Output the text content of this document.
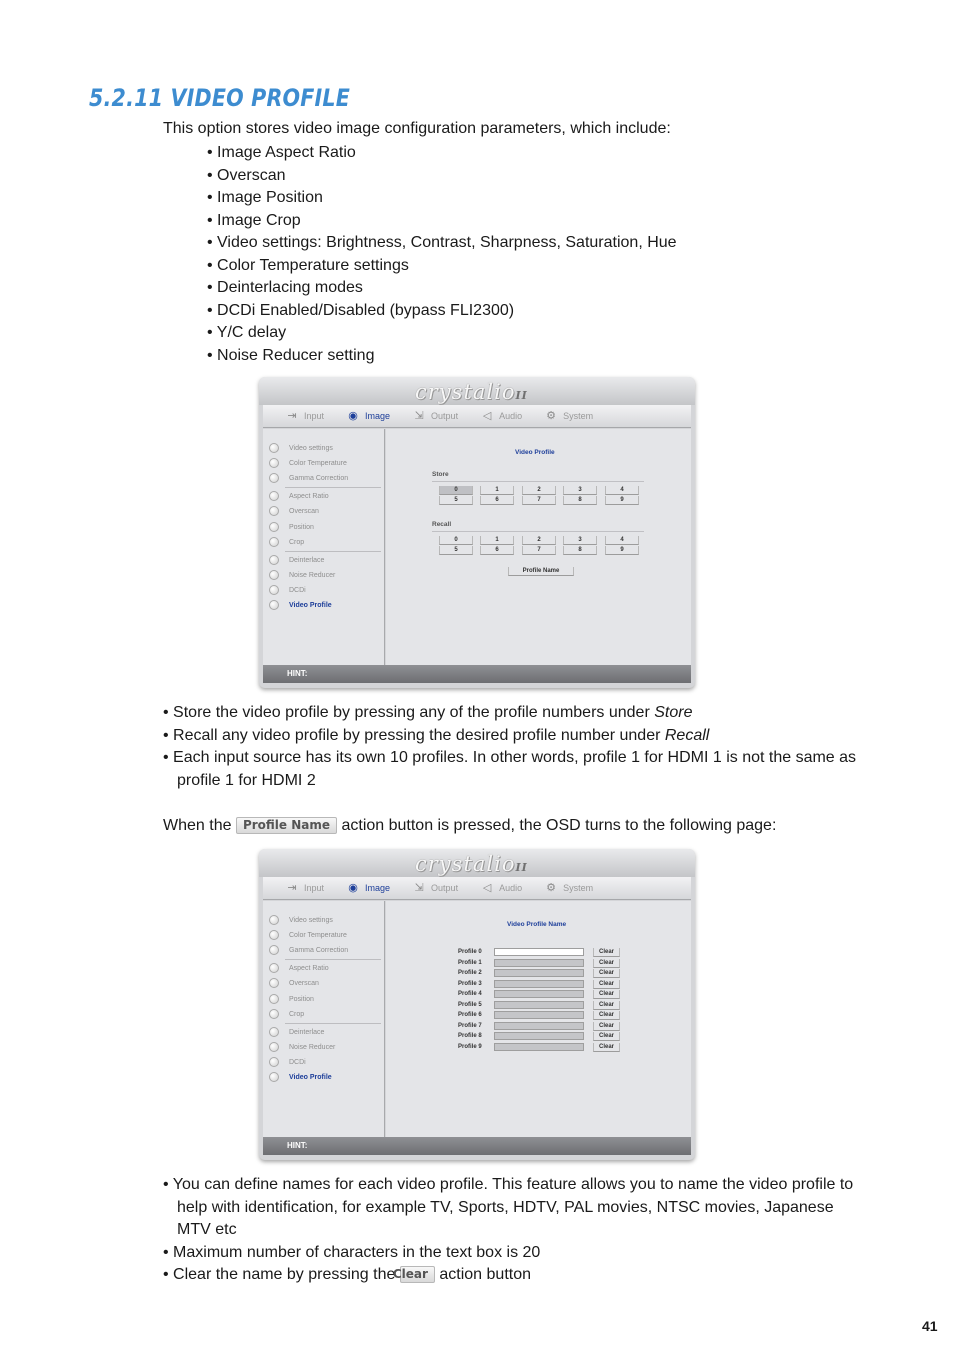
5.2.11 VIDEO PROFILE
This option stores video image configuration parameters, which include:
• Image Aspect Ratio
• Overscan
• Image Position
• Image Crop
• Video settings: Brightness, Contrast, Sharpness, Saturation, Hue
• Color Temperature settings
• Deinterlacing modes
• DCDi Enabled/Disabled (bypass FLI2300)
• Y/C delay
• Noise Reducer setting
crystalioII
⇥ Input ◉ Image ⇲ Output ◁ Audio ⚙ System
Video settings
Color Temperature
Gamma Correction
Aspect Ratio
Overscan
Position
Crop
Deinterlace
Noise Reducer
DCDi
Video Profile
Video Profile
Store
0	1	2	3	4
5	6	7	8	9
Recall
0	1	2	3	4
5	6	7	8	9
Profile Name
HINT:
• Store the video profile by pressing any of the profile numbers under Store
• Recall any video profile by pressing the desired profile number under Recall
• Each input source has its own 10 profiles. In other words, profile 1 for HDMI 1 is not the same as profile 1 for HDMI 2
When the Profile Name action button is pressed, the OSD turns to the following page:
crystalioII
⇥ Input ◉ Image ⇲ Output ◁ Audio ⚙ System
Video settings
Color Temperature
Gamma Correction
Aspect Ratio
Overscan
Position
Crop
Deinterlace
Noise Reducer
DCDi
Video Profile
Video Profile Name
Profile 0	Clear
Profile 1	Clear
Profile 2	Clear
Profile 3	Clear
Profile 4	Clear
Profile 5	Clear
Profile 6	Clear
Profile 7	Clear
Profile 8	Clear
Profile 9	Clear
HINT:
• You can define names for each video profile. This feature allows you to name the video profile to help with identification, for example TV, Sports, HDTV, PAL movies, NTSC movies, Japanese MTV etc
• Maximum number of characters in the text box is 20
• Clear the name by pressing the Clear action button
41
